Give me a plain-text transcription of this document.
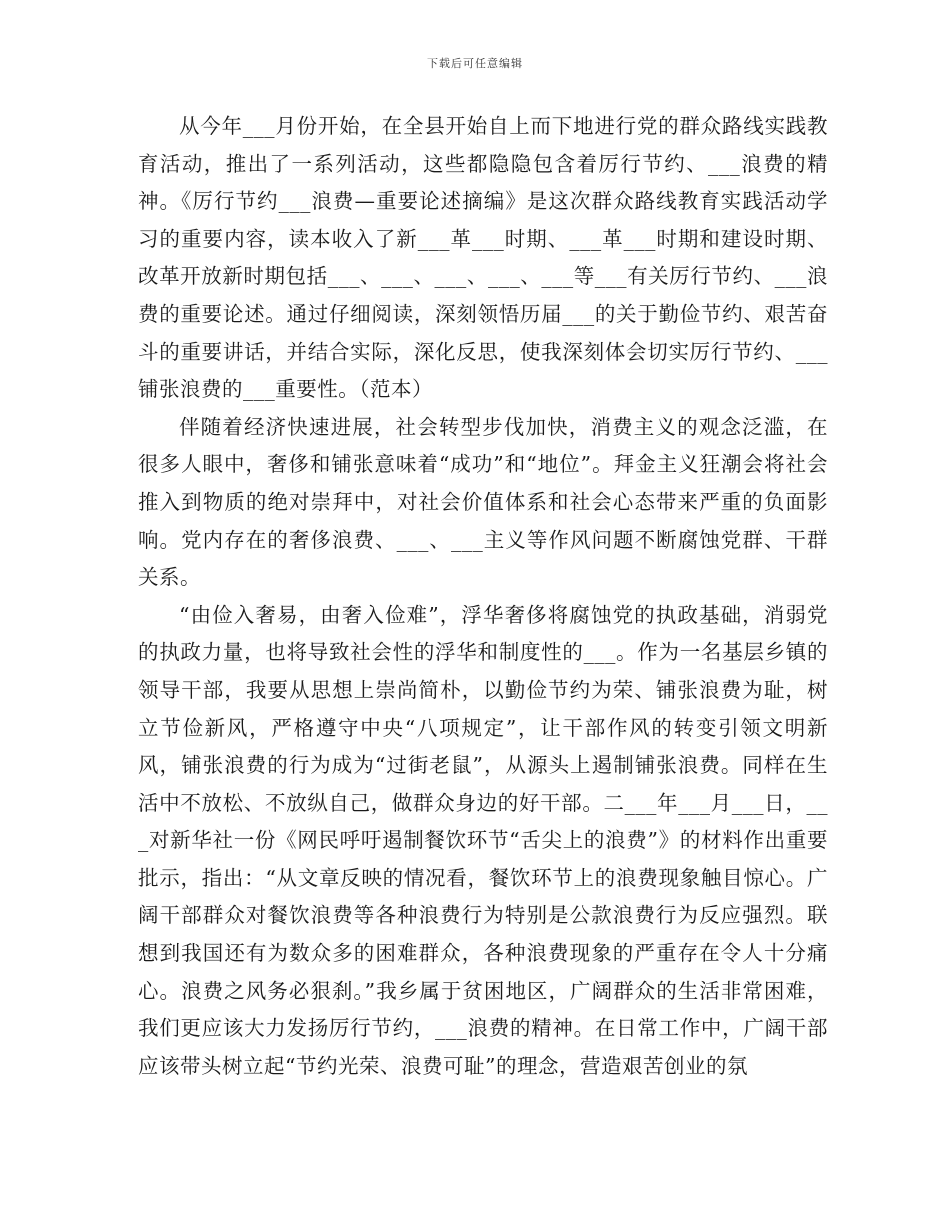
下载后可任意编辑

从今年___月份开始，在全县开始自上而下地进行党的群众路线实践教育活动，推出了一系列活动，这些都隐隐包含着厉行节约、___浪费的精神。《厉行节约___浪费—重要论述摘编》是这次群众路线教育实践活动学习的重要内容，读本收入了新___革___时期、___革___时期和建设时期、改革开放新时期包括___、___、___、___、___等___有关厉行节约、___浪费的重要论述。通过仔细阅读，深刻领悟历届___的关于勤俭节约、艰苦奋斗的重要讲话，并结合实际，深化反思，使我深刻体会切实厉行节约、___铺张浪费的___重要性。（范本）

伴随着经济快速进展，社会转型步伐加快，消费主义的观念泛滥，在很多人眼中，奢侈和铺张意味着“成功”和“地位”。拜金主义狂潮会将社会推入到物质的绝对崇拜中，对社会价值体系和社会心态带来严重的负面影响。党内存在的奢侈浪费、___、___主义等作风问题不断腐蚀党群、干群关系。

“由俭入奢易，由奢入俭难”，浮华奢侈将腐蚀党的执政基础，消弱党的执政力量，也将导致社会性的浮华和制度性的___。作为一名基层乡镇的领导干部，我要从思想上崇尚简朴，以勤俭节约为荣、铺张浪费为耻，树立节俭新风，严格遵守中央“八项规定”，让干部作风的转变引领文明新风，铺张浪费的行为成为“过街老鼠”，从源头上遏制铺张浪费。同样在生活中不放松、不放纵自己，做群众身边的好干部。二___年___月___日，___对新华社一份《网民呼吁遏制餐饮环节“舌尖上的浪费”》的材料作出重要批示，指出：“从文章反映的情况看，餐饮环节上的浪费现象触目惊心。广阔干部群众对餐饮浪费等各种浪费行为特别是公款浪费行为反应强烈。联想到我国还有为数众多的困难群众，各种浪费现象的严重存在令人十分痛心。浪费之风务必狠刹。”我乡属于贫困地区，广阔群众的生活非常困难，我们更应该大力发扬厉行节约，___浪费的精神。在日常工作中，广阔干部应该带头树立起“节约光荣、浪费可耻”的理念，营造艰苦创业的氛
